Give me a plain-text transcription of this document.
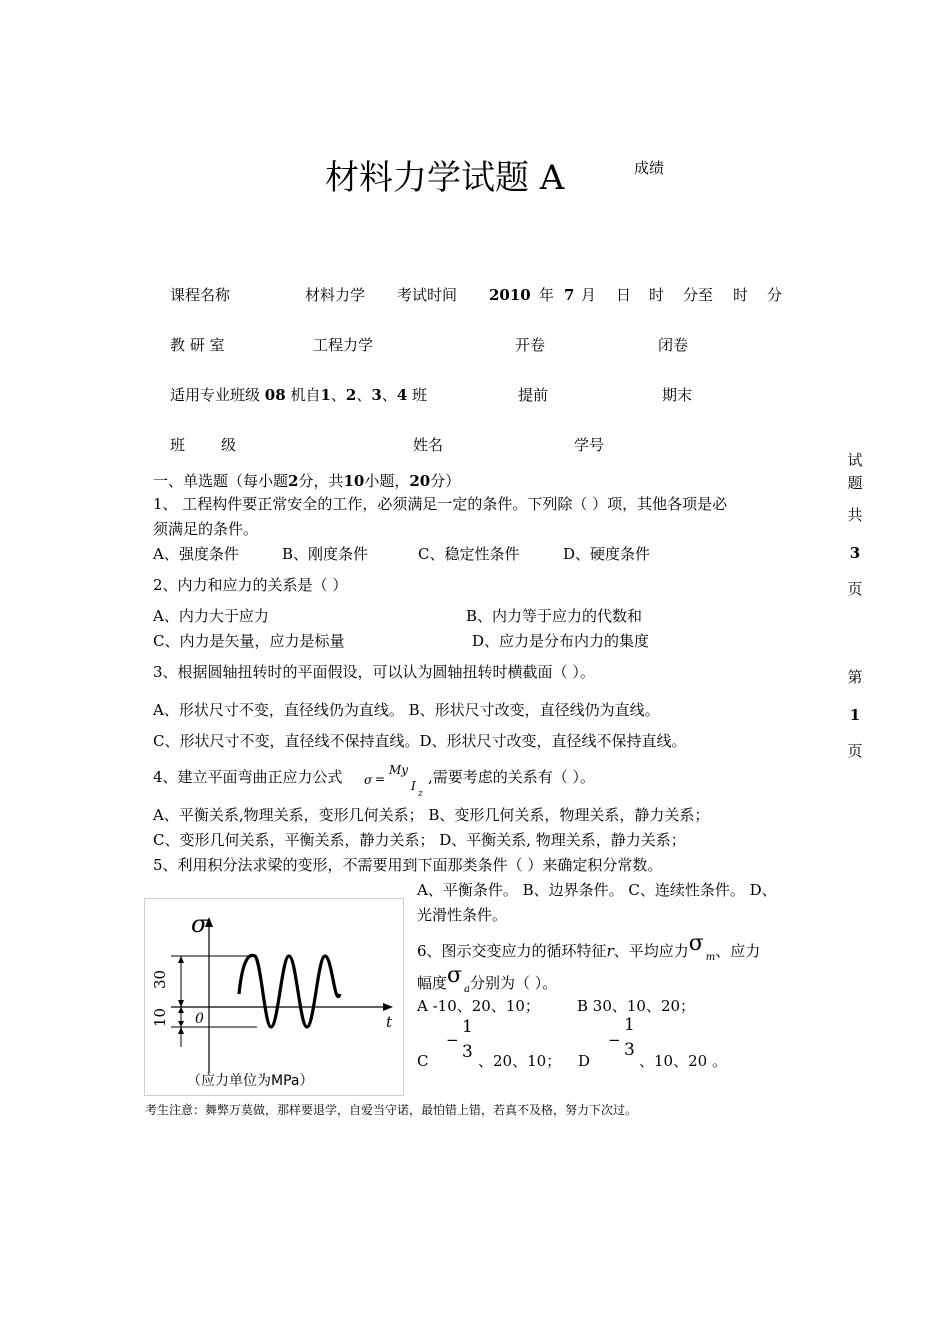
材料力学试题 A	成绩
课程名称	材料力学 考试时间 2010 年 7 月 日 时 分至 时 分
教 研 室	工程力学	开卷	闭卷
适用专业班级 08 机自1、2、3、4 班	提前	期末
班 级	姓名	学号
试
题
共
3
页
第
1
页
一、单选题（每小题2分，共10小题，20分）
1、 工程构件要正常安全的工作，必须满足一定的条件。下列除（ ）项，其他各项是必
须满足的条件。
A、强度条件	B、刚度条件	C、稳定性条件	D、硬度条件
2、内力和应力的关系是（ ）
A、内力大于应力	B、内力等于应力的代数和
C、内力是矢量，应力是标量	D、应力是分布内力的集度
3、根据圆轴扭转时的平面假设，可以认为圆轴扭转时横截面（ ）。
A、形状尺寸不变，直径线仍为直线。 B、形状尺寸改变，直径线仍为直线。
C、形状尺寸不变，直径线不保持直线。D、形状尺寸改变，直径线不保持直线。
4、建立平面弯曲正应力公式 σ =
My
I
z
,需要考虑的关系有（ ）。
A、平衡关系,物理关系，变形几何关系； B、变形几何关系，物理关系，静力关系；
C、变形几何关系，平衡关系，静力关系； D、平衡关系, 物理关系，静力关系；
5、利用积分法求梁的变形，不需要用到下面那类条件（ ）来确定积分常数。
A、平衡条件。 B、边界条件。 C、连续性条件。 D、
光滑性条件。
σ
30
10 0	t
（应力单位为MPa）
6、图示交变应力的循环特征r、平均应力$\sigma_m$、应力
幅度$\sigma_a$分别为（ ）。
A -10、20、10； B 30、10、20；
C
−
1
3 、20、10； D
−
1
3
、10、20 。
考生注意：舞弊万莫做，那样要退学，自爱当守诺，最怕错上错，若真不及格，努力下次过。
